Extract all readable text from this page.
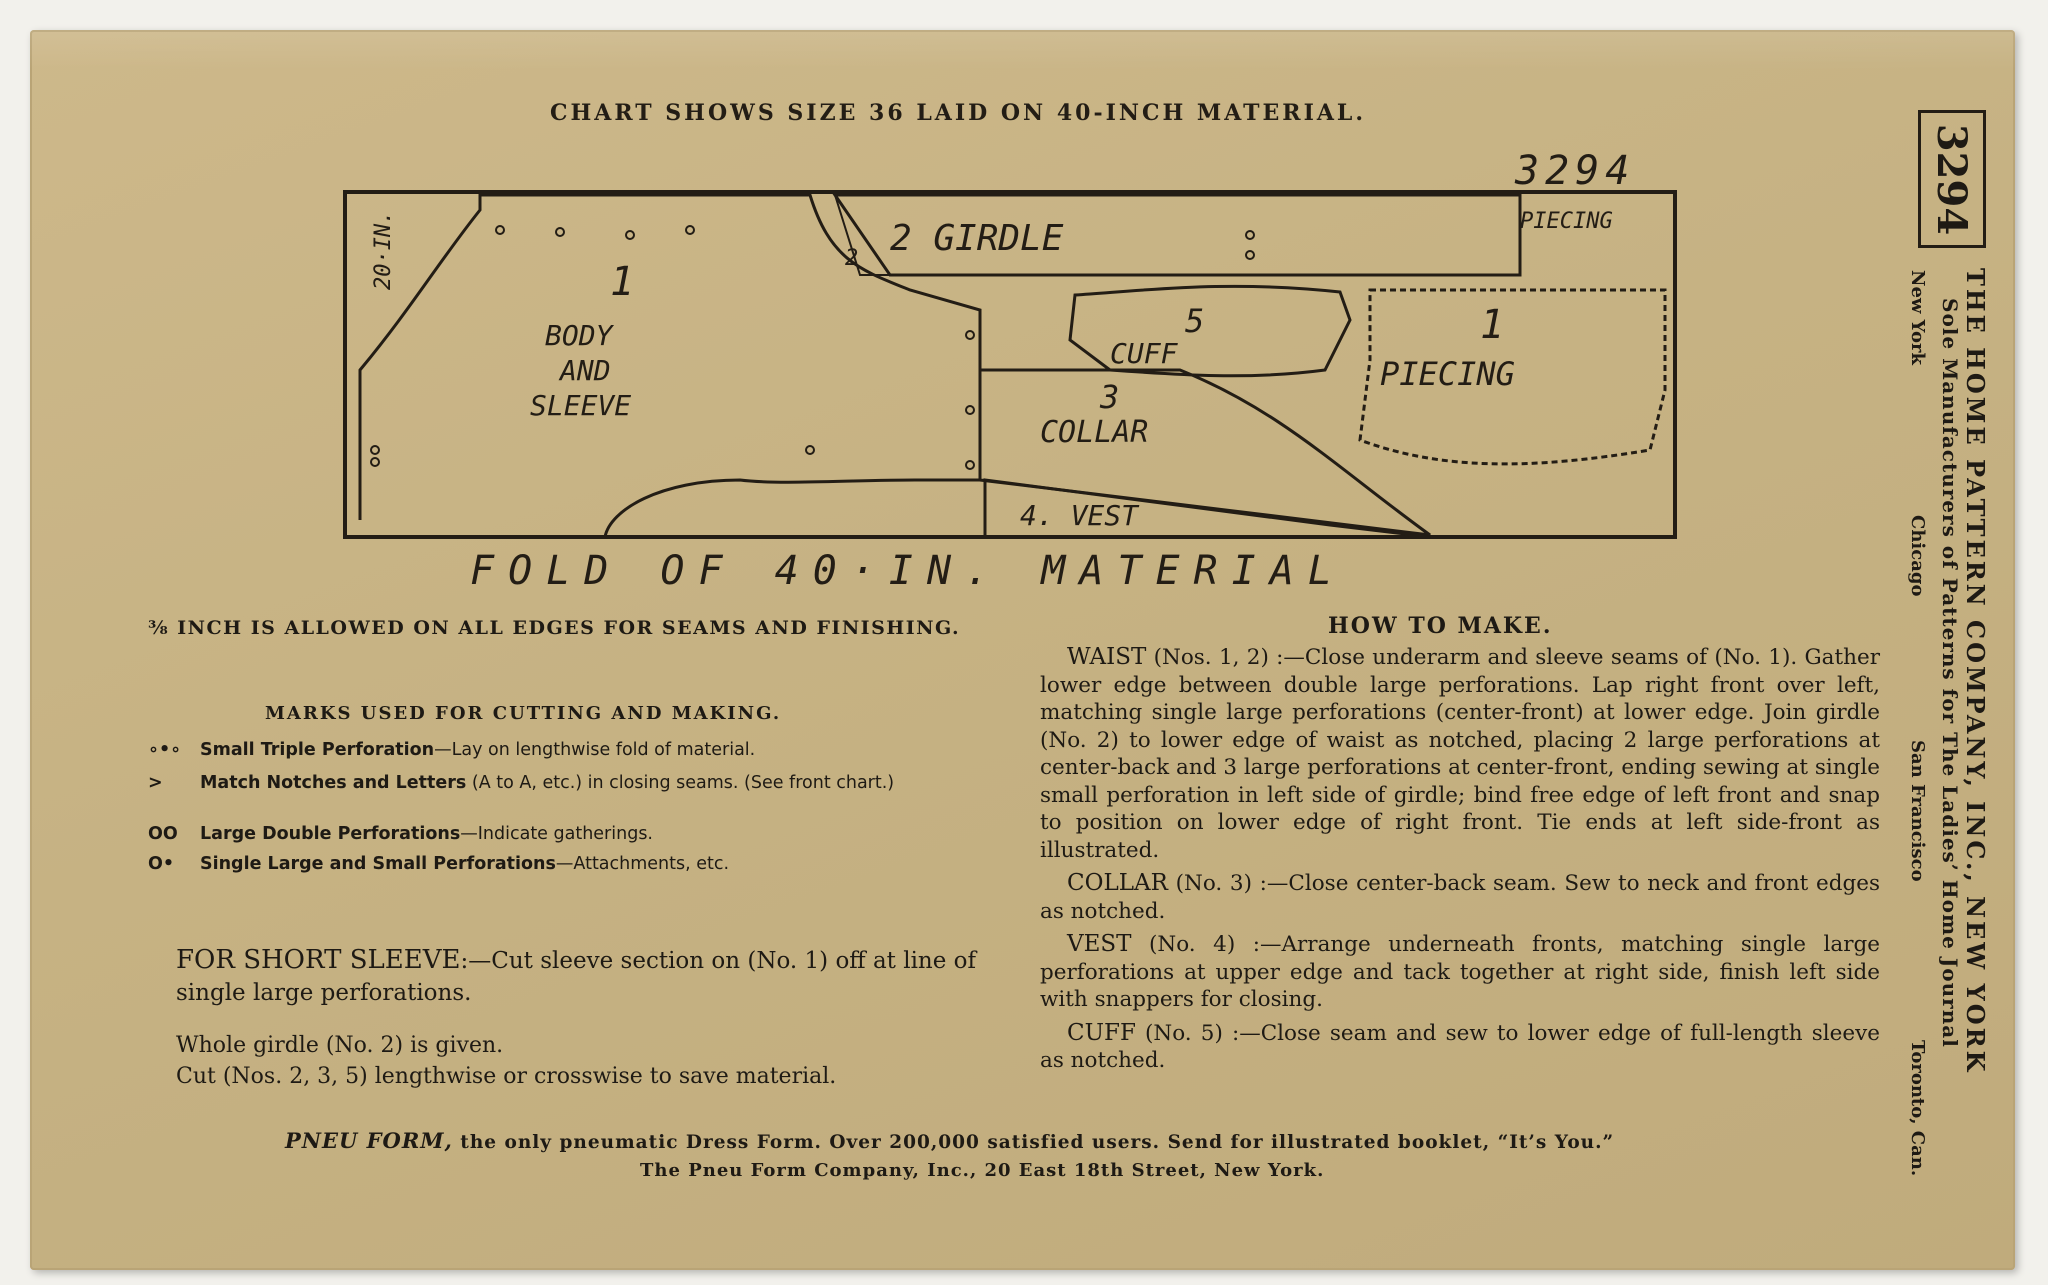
CHART SHOWS SIZE 36 LAID ON 40-INCH MATERIAL.
3294
20·IN.	1
BODY
AND
SLEEVE
2 GIRDLE
2
PIECING
5
CUFF
1
PIECING
3
COLLAR
4. VEST
FOLD OF 40·IN. MATERIAL
⅜ INCH IS ALLOWED ON ALL EDGES FOR SEAMS AND FINISHING.
MARKS USED FOR CUTTING AND MAKING.
∘•∘	Small Triple Perforation—Lay on lengthwise fold of material.
>	Match Notches and Letters (A to A, etc.) in closing seams. (See front chart.)
OO	Large Double Perforations—Indicate gatherings.
O•	Single Large and Small Perforations—Attachments, etc.
FOR SHORT SLEEVE:—Cut sleeve section on (No. 1) off at line of single large perforations.
Whole girdle (No. 2) is given.
Cut (Nos. 2, 3, 5) lengthwise or crosswise to save material.
HOW TO MAKE.

WAIST (Nos. 1, 2) :—Close underarm and sleeve seams of (No. 1). Gather lower edge between double large perforations. Lap right front over left, matching single large perforations (center-front) at lower edge. Join girdle (No. 2) to lower edge of waist as notched, placing 2 large perforations at center-back and 3 large perforations at center-front, ending sewing at single small perforation in left side of girdle; bind free edge of left front and snap to position on lower edge of right front. Tie ends at left side-front as illustrated.

COLLAR (No. 3) :—Close center-back seam. Sew to neck and front edges as notched.

VEST (No. 4) :—Arrange underneath fronts, matching single large perforations at upper edge and tack together at right side, finish left side with snappers for closing.

CUFF (No. 5) :—Close seam and sew to lower edge of full-length sleeve as notched.

PNEU FORM, the only pneumatic Dress Form. Over 200,000 satisfied users. Send for illustrated booklet, “It’s You.”
The Pneu Form Company, Inc., 20 East 18th Street, New York.
3294
THE HOME PATTERN COMPANY, INC., NEW YORK
Sole Manufacturers of Patterns for The Ladies’ Home Journal
New York
Chicago
San Francisco
Toronto, Can.
